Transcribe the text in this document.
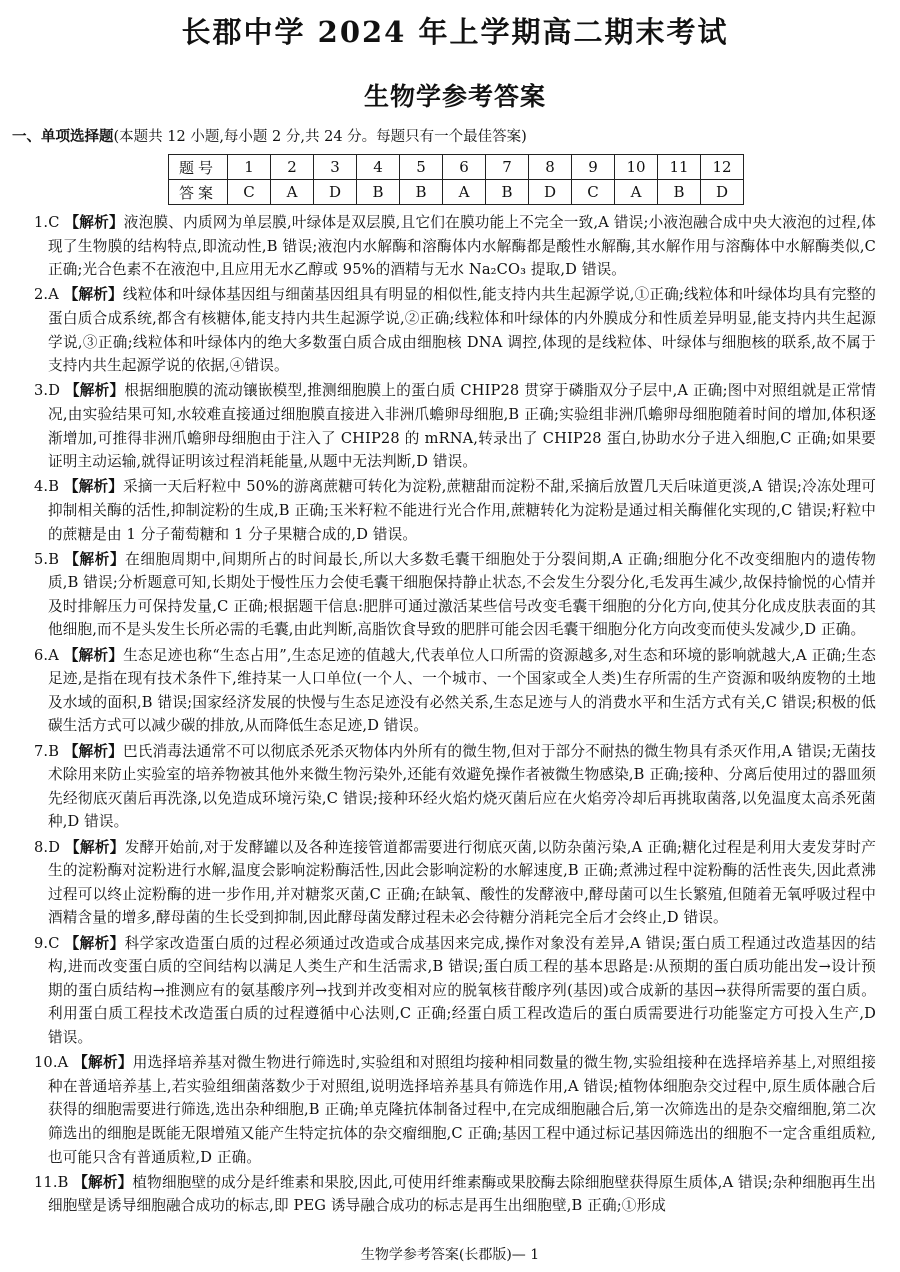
长郡中学 2024 年上学期高二期末考试
生物学参考答案
一、单项选择题(本题共 12 小题,每小题 2 分,共 24 分。每题只有一个最佳答案)
题号	1	2	3	4	5	6	7	8	9	10	11	12
答案	C	A	D	B	B	A	B	D	C	A	B	D

1.C 【解析】液泡膜、内质网为单层膜,叶绿体是双层膜,且它们在膜功能上不完全一致,A 错误;小液泡融合成中央大液泡的过程,体现了生物膜的结构特点,即流动性,B 错误;液泡内水解酶和溶酶体内水解酶都是酸性水解酶,其水解作用与溶酶体中水解酶类似,C 正确;光合色素不在液泡中,且应用无水乙醇或 95%的酒精与无水 Na₂CO₃ 提取,D 错误。

2.A 【解析】线粒体和叶绿体基因组与细菌基因组具有明显的相似性,能支持内共生起源学说,①正确;线粒体和叶绿体均具有完整的蛋白质合成系统,都含有核糖体,能支持内共生起源学说,②正确;线粒体和叶绿体的内外膜成分和性质差异明显,能支持内共生起源学说,③正确;线粒体和叶绿体内的绝大多数蛋白质合成由细胞核 DNA 调控,体现的是线粒体、叶绿体与细胞核的联系,故不属于支持内共生起源学说的依据,④错误。

3.D 【解析】根据细胞膜的流动镶嵌模型,推测细胞膜上的蛋白质 CHIP28 贯穿于磷脂双分子层中,A 正确;图中对照组就是正常情况,由实验结果可知,水较难直接通过细胞膜直接进入非洲爪蟾卵母细胞,B 正确;实验组非洲爪蟾卵母细胞随着时间的增加,体积逐渐增加,可推得非洲爪蟾卵母细胞由于注入了 CHIP28 的 mRNA,转录出了 CHIP28 蛋白,协助水分子进入细胞,C 正确;如果要证明主动运输,就得证明该过程消耗能量,从题中无法判断,D 错误。

4.B 【解析】采摘一天后籽粒中 50%的游离蔗糖可转化为淀粉,蔗糖甜而淀粉不甜,采摘后放置几天后味道更淡,A 错误;冷冻处理可抑制相关酶的活性,抑制淀粉的生成,B 正确;玉米籽粒不能进行光合作用,蔗糖转化为淀粉是通过相关酶催化实现的,C 错误;籽粒中的蔗糖是由 1 分子葡萄糖和 1 分子果糖合成的,D 错误。

5.B 【解析】在细胞周期中,间期所占的时间最长,所以大多数毛囊干细胞处于分裂间期,A 正确;细胞分化不改变细胞内的遗传物质,B 错误;分析题意可知,长期处于慢性压力会使毛囊干细胞保持静止状态,不会发生分裂分化,毛发再生减少,故保持愉悦的心情并及时排解压力可保持发量,C 正确;根据题干信息:肥胖可通过激活某些信号改变毛囊干细胞的分化方向,使其分化成皮肤表面的其他细胞,而不是头发生长所必需的毛囊,由此判断,高脂饮食导致的肥胖可能会因毛囊干细胞分化方向改变而使头发减少,D 正确。

6.A 【解析】生态足迹也称“生态占用”,生态足迹的值越大,代表单位人口所需的资源越多,对生态和环境的影响就越大,A 正确;生态足迹,是指在现有技术条件下,维持某一人口单位(一个人、一个城市、一个国家或全人类)生存所需的生产资源和吸纳废物的土地及水域的面积,B 错误;国家经济发展的快慢与生态足迹没有必然关系,生态足迹与人的消费水平和生活方式有关,C 错误;积极的低碳生活方式可以减少碳的排放,从而降低生态足迹,D 错误。

7.B 【解析】巴氏消毒法通常不可以彻底杀死杀灭物体内外所有的微生物,但对于部分不耐热的微生物具有杀灭作用,A 错误;无菌技术除用来防止实验室的培养物被其他外来微生物污染外,还能有效避免操作者被微生物感染,B 正确;接种、分离后使用过的器皿须先经彻底灭菌后再洗涤,以免造成环境污染,C 错误;接种环经火焰灼烧灭菌后应在火焰旁冷却后再挑取菌落,以免温度太高杀死菌种,D 错误。

8.D 【解析】发酵开始前,对于发酵罐以及各种连接管道都需要进行彻底灭菌,以防杂菌污染,A 正确;糖化过程是利用大麦发芽时产生的淀粉酶对淀粉进行水解,温度会影响淀粉酶活性,因此会影响淀粉的水解速度,B 正确;煮沸过程中淀粉酶的活性丧失,因此煮沸过程可以终止淀粉酶的进一步作用,并对糖浆灭菌,C 正确;在缺氧、酸性的发酵液中,酵母菌可以生长繁殖,但随着无氧呼吸过程中酒精含量的增多,酵母菌的生长受到抑制,因此酵母菌发酵过程未必会待糖分消耗完全后才会终止,D 错误。

9.C 【解析】科学家改造蛋白质的过程必须通过改造或合成基因来完成,操作对象没有差异,A 错误;蛋白质工程通过改造基因的结构,进而改变蛋白质的空间结构以满足人类生产和生活需求,B 错误;蛋白质工程的基本思路是:从预期的蛋白质功能出发→设计预期的蛋白质结构→推测应有的氨基酸序列→找到并改变相对应的脱氧核苷酸序列(基因)或合成新的基因→获得所需要的蛋白质。利用蛋白质工程技术改造蛋白质的过程遵循中心法则,C 正确;经蛋白质工程改造后的蛋白质需要进行功能鉴定方可投入生产,D 错误。

10.A 【解析】用选择培养基对微生物进行筛选时,实验组和对照组均接种相同数量的微生物,实验组接种在选择培养基上,对照组接种在普通培养基上,若实验组细菌落数少于对照组,说明选择培养基具有筛选作用,A 错误;植物体细胞杂交过程中,原生质体融合后获得的细胞需要进行筛选,选出杂种细胞,B 正确;单克隆抗体制备过程中,在完成细胞融合后,第一次筛选出的是杂交瘤细胞,第二次筛选出的细胞是既能无限增殖又能产生特定抗体的杂交瘤细胞,C 正确;基因工程中通过标记基因筛选出的细胞不一定含重组质粒,也可能只含有普通质粒,D 正确。

11.B 【解析】植物细胞壁的成分是纤维素和果胶,因此,可使用纤维素酶或果胶酶去除细胞壁获得原生质体,A 错误;杂种细胞再生出细胞壁是诱导细胞融合成功的标志,即 PEG 诱导融合成功的标志是再生出细胞壁,B 正确;①形成

生物学参考答案(长郡版)— 1
